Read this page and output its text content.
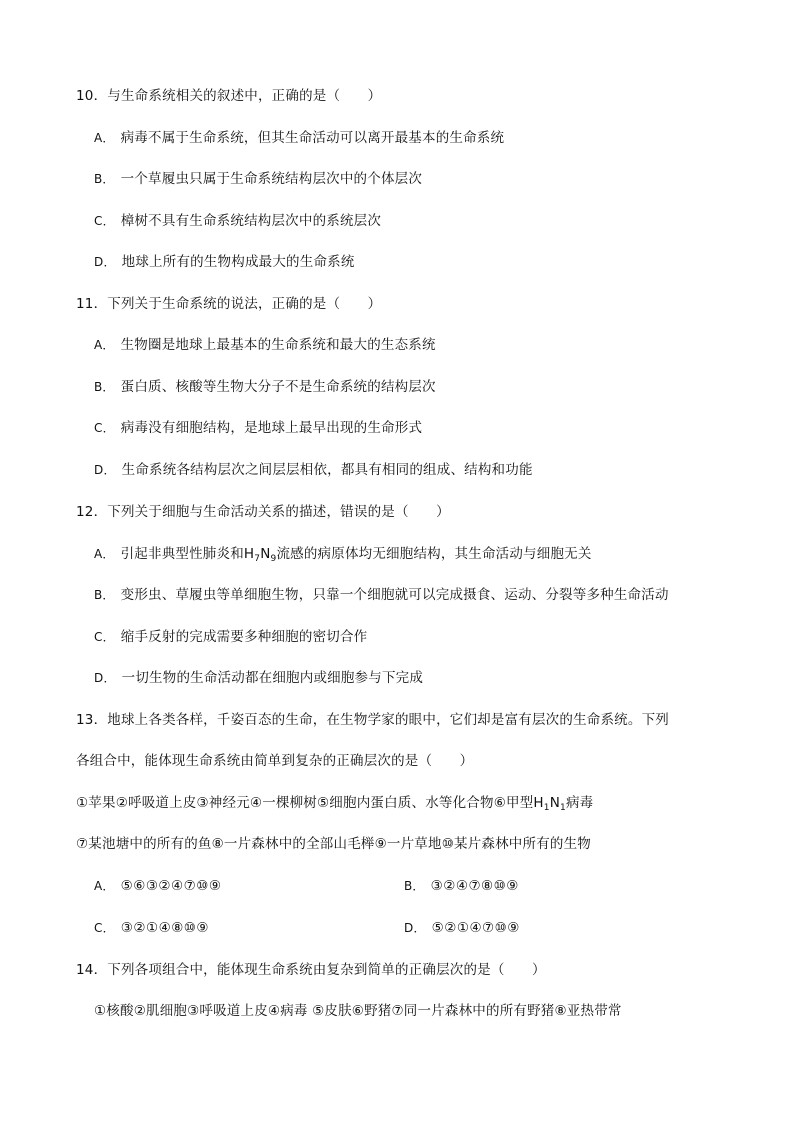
10．与生命系统相关的叙述中，正确的是（　　）
A． 病毒不属于生命系统，但其生命活动可以离开最基本的生命系统
B． 一个草履虫只属于生命系统结构层次中的个体层次
C． 樟树不具有生命系统结构层次中的系统层次
D． 地球上所有的生物构成最大的生命系统
11．下列关于生命系统的说法，正确的是（　　）
A． 生物圈是地球上最基本的生命系统和最大的生态系统
B． 蛋白质、核酸等生物大分子不是生命系统的结构层次
C． 病毒没有细胞结构，是地球上最早出现的生命形式
D． 生命系统各结构层次之间层层相依，都具有相同的组成、结构和功能
12．下列关于细胞与生命活动关系的描述，错误的是（　　）
A． 引起非典型性肺炎和$H_7N_9$流感的病原体均无细胞结构，其生命活动与细胞无关
B． 变形虫、草履虫等单细胞生物，只靠一个细胞就可以完成摄食、运动、分裂等多种生命活动
C． 缩手反射的完成需要多种细胞的密切合作
D． 一切生物的生命活动都在细胞内或细胞参与下完成
13．地球上各类各样，千姿百态的生命，在生物学家的眼中，它们却是富有层次的生命系统。下列
各组合中，能体现生命系统由简单到复杂的正确层次的是（　　）
①苹果②呼吸道上皮③神经元④一棵柳树⑤细胞内蛋白质、水等化合物⑥甲型$H_1N_1$病毒
⑦某池塘中的所有的鱼⑧一片森林中的全部山毛榉⑨一片草地⑩某片森林中所有的生物
A． ⑤⑥③②④⑦⑩⑨	B． ③②④⑦⑧⑩⑨
C． ③②①④⑧⑩⑨	D． ⑤②①④⑦⑩⑨
14．下列各项组合中，能体现生命系统由复杂到简单的正确层次的是（　　）
①核酸②肌细胞③呼吸道上皮④病毒 ⑤皮肤⑥野猪⑦同一片森林中的所有野猪⑧亚热带常
